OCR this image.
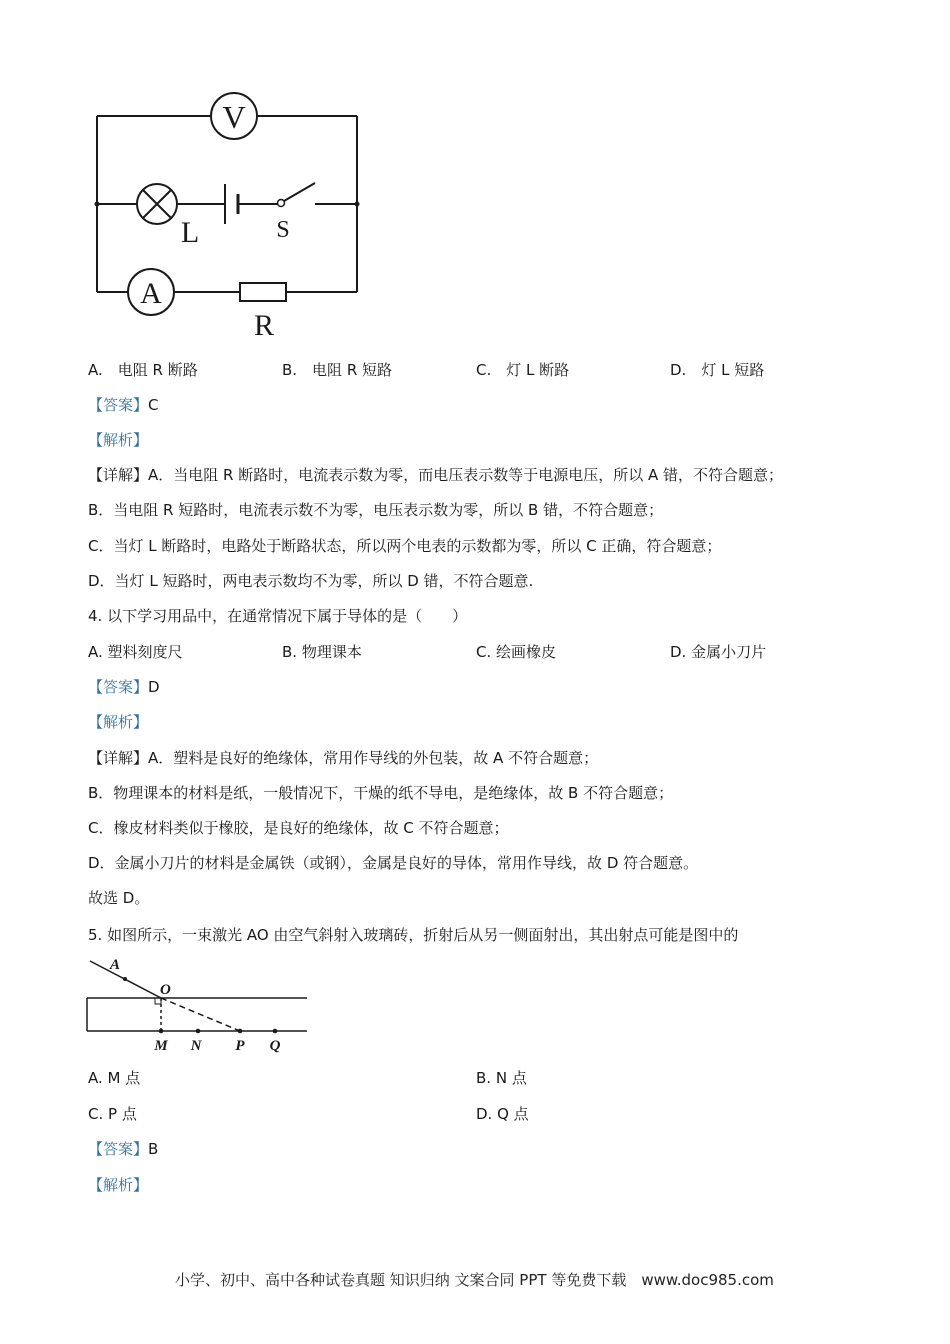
V
A
L	S
R
A. 电阻 R 断路	B. 电阻 R 短路	C. 灯 L 断路	D. 灯 L 短路
【答案】C
【解析】
【详解】A．当电阻 R 断路时，电流表示数为零，而电压表示数等于电源电压，所以 A 错，不符合题意；
B．当电阻 R 短路时，电流表示数不为零，电压表示数为零，所以 B 错，不符合题意；
C．当灯 L 断路时，电路处于断路状态，所以两个电表的示数都为零，所以 C 正确，符合题意；
D．当灯 L 短路时，两电表示数均不为零，所以 D 错，不符合题意.
4. 以下学习用品中，在通常情况下属于导体的是（　　）
A. 塑料刻度尺	B. 物理课本	C. 绘画橡皮	D. 金属小刀片
【答案】D
【解析】
【详解】A．塑料是良好的绝缘体，常用作导线的外包装，故 A 不符合题意；
B．物理课本的材料是纸，一般情况下，干燥的纸不导电，是绝缘体，故 B 不符合题意；
C．橡皮材料类似于橡胶，是良好的绝缘体，故 C 不符合题意；
D．金属小刀片的材料是金属铁（或钢），金属是良好的导体，常用作导线，故 D 符合题意。
故选 D。
5. 如图所示，一束激光 AO 由空气斜射入玻璃砖，折射后从另一侧面射出，其出射点可能是图中的
A
O
M N P Q
A. M 点	B. N 点
C. P 点	D. Q 点
【答案】B
【解析】
小学、初中、高中各种试卷真题 知识归纳 文案合同 PPT 等免费下载　www.doc985.com
